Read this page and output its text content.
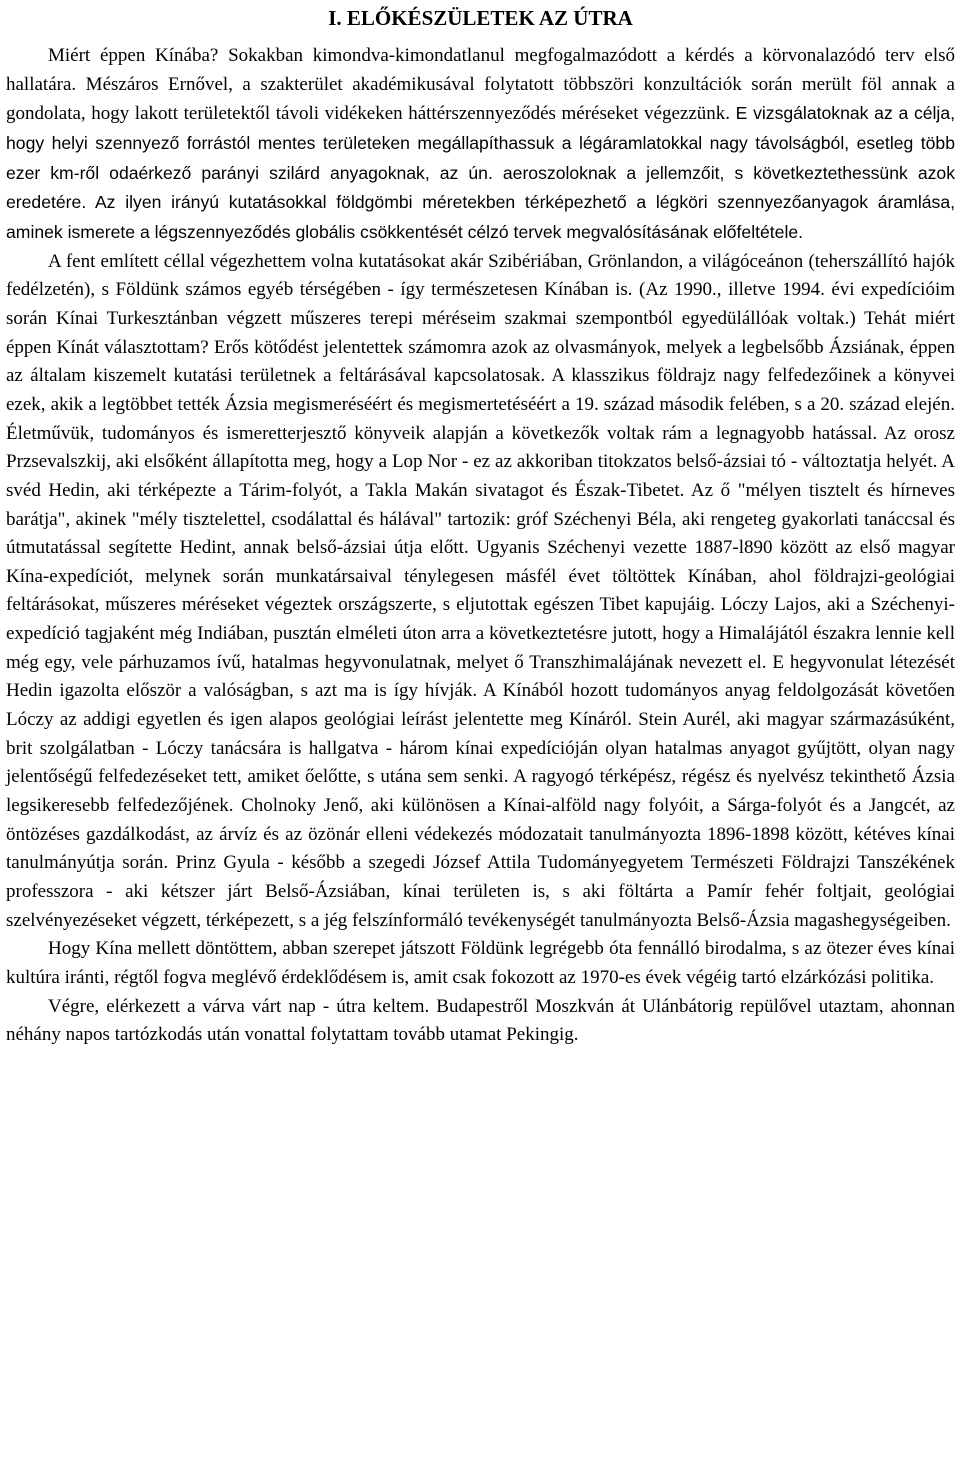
I. ELŐKÉSZÜLETEK AZ ÚTRA

Miért éppen Kínába? Sokakban kimondva-kimondatlanul megfogalmazódott a kérdés a körvonalazódó terv első hallatára. Mészáros Ernővel, a szakterület akadémikusával folytatott többszöri konzultációk során merült föl annak a gondolata, hogy lakott területektől távoli vidékeken háttérszennyeződés méréseket végezzünk. E vizsgálatoknak az a célja, hogy helyi szennyező forrástól mentes területeken megállapíthassuk a légáramlatokkal nagy távolságból, esetleg több ezer km-ről odaérkező parányi szilárd anyagoknak, az ún. aeroszoloknak a jellemzőit, s következtethessünk azok eredetére. Az ilyen irányú kutatásokkal földgömbi méretekben térképezhető a légköri szennyezőanyagok áramlása, aminek ismerete a légszennyeződés globális csökkentését célzó tervek megvalósításának előfeltétele.

A fent említett céllal végezhettem volna kutatásokat akár Szibériában, Grönlandon, a világóceánon (teherszállító hajók fedélzetén), s Földünk számos egyéb térségében - így természetesen Kínában is. (Az 1990., illetve 1994. évi expedícióim során Kínai Turkesztánban végzett műszeres terepi méréseim szakmai szempontból egyedülállóak voltak.) Tehát miért éppen Kínát választottam? Erős kötődést jelentettek számomra azok az olvasmányok, melyek a legbelsőbb Ázsiának, éppen az általam kiszemelt kutatási területnek a feltárásával kapcsolatosak. A klasszikus földrajz nagy felfedezőinek a könyvei ezek, akik a legtöbbet tették Ázsia megismeréséért és megismertetéséért a 19. század második felében, s a 20. század elején. Életművük, tudományos és ismeretterjesztő könyveik alapján a következők voltak rám a legnagyobb hatással. Az orosz Przsevalszkij, aki elsőként állapította meg, hogy a Lop Nor - ez az akkoriban titokzatos belső-ázsiai tó - változtatja helyét. A svéd Hedin, aki térképezte a Tárim-folyót, a Takla Makán sivatagot és Észak-Tibetet. Az ő "mélyen tisztelt és hírneves barátja", akinek "mély tisztelettel, csodálattal és hálával" tartozik: gróf Széchenyi Béla, aki rengeteg gyakorlati tanáccsal és útmutatással segítette Hedint, annak belső-ázsiai útja előtt. Ugyanis Széchenyi vezette 1887-l890 között az első magyar Kína-expedíciót, melynek során munkatársaival ténylegesen másfél évet töltöttek Kínában, ahol földrajzi-geológiai feltárásokat, műszeres méréseket végeztek országszerte, s eljutottak egészen Tibet kapujáig. Lóczy Lajos, aki a Széchenyi-expedíció tagjaként még Indiában, pusztán elméleti úton arra a következtetésre jutott, hogy a Himalájától északra lennie kell még egy, vele párhuzamos ívű, hatalmas hegyvonulatnak, melyet ő Transzhimalájának nevezett el. E hegyvonulat létezését Hedin igazolta először a valóságban, s azt ma is így hívják. A Kínából hozott tudományos anyag feldolgozását követően Lóczy az addigi egyetlen és igen alapos geológiai leírást jelentette meg Kínáról. Stein Aurél, aki magyar származásúként, brit szolgálatban - Lóczy tanácsára is hallgatva - három kínai expedícióján olyan hatalmas anyagot gyűjtött, olyan nagy jelentőségű felfedezéseket tett, amiket őelőtte, s utána sem senki. A ragyogó térképész, régész és nyelvész tekinthető Ázsia legsikeresebb felfedezőjének. Cholnoky Jenő, aki különösen a Kínai-alföld nagy folyóit, a Sárga-folyót és a Jangcét, az öntözéses gazdálkodást, az árvíz és az özönár elleni védekezés módozatait tanulmányozta 1896-1898 között, kétéves kínai tanulmányútja során. Prinz Gyula - később a szegedi József Attila Tudományegyetem Természeti Földrajzi Tanszékének professzora - aki kétszer járt Belső-Ázsiában, kínai területen is, s aki föltárta a Pamír fehér foltjait, geológiai szelvényezéseket végzett, térképezett, s a jég felszínformáló tevékenységét tanulmányozta Belső-Ázsia magashegységeiben.

Hogy Kína mellett döntöttem, abban szerepet játszott Földünk legrégebb óta fennálló birodalma, s az ötezer éves kínai kultúra iránti, régtől fogva meglévő érdeklődésem is, amit csak fokozott az 1970-es évek végéig tartó elzárkózási politika.

Végre, elérkezett a várva várt nap - útra keltem. Budapestről Moszkván át Ulánbátorig repülővel utaztam, ahonnan néhány napos tartózkodás után vonattal folytattam tovább utamat Pekingig.
